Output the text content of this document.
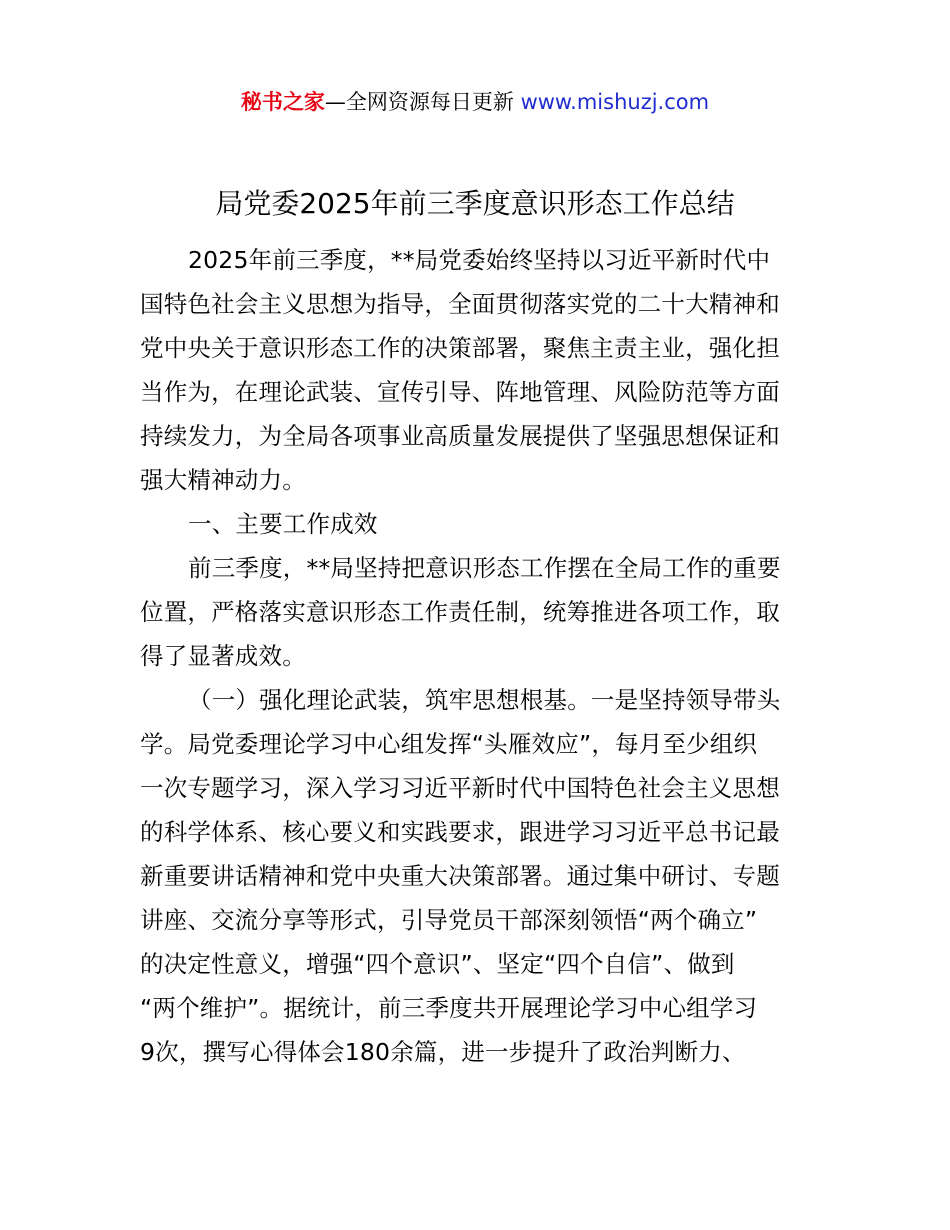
秘书之家—全网资源每日更新 www.mishuzj.com
局党委2025年前三季度意识形态工作总结
2025年前三季度，**局党委始终坚持以习近平新时代中
国特色社会主义思想为指导，全面贯彻落实党的二十大精神和
党中央关于意识形态工作的决策部署，聚焦主责主业，强化担
当作为，在理论武装、宣传引导、阵地管理、风险防范等方面
持续发力，为全局各项事业高质量发展提供了坚强思想保证和
强大精神动力。
一、主要工作成效
前三季度，**局坚持把意识形态工作摆在全局工作的重要
位置，严格落实意识形态工作责任制，统筹推进各项工作，取
得了显著成效。
（一）强化理论武装，筑牢思想根基。一是坚持领导带头
学。局党委理论学习中心组发挥“头雁效应”，每月至少组织
一次专题学习，深入学习习近平新时代中国特色社会主义思想
的科学体系、核心要义和实践要求，跟进学习习近平总书记最
新重要讲话精神和党中央重大决策部署。通过集中研讨、专题
讲座、交流分享等形式，引导党员干部深刻领悟“两个确立”
的决定性意义，增强“四个意识”、坚定“四个自信”、做到
“两个维护”。据统计，前三季度共开展理论学习中心组学习
9次，撰写心得体会180余篇，进一步提升了政治判断力、
